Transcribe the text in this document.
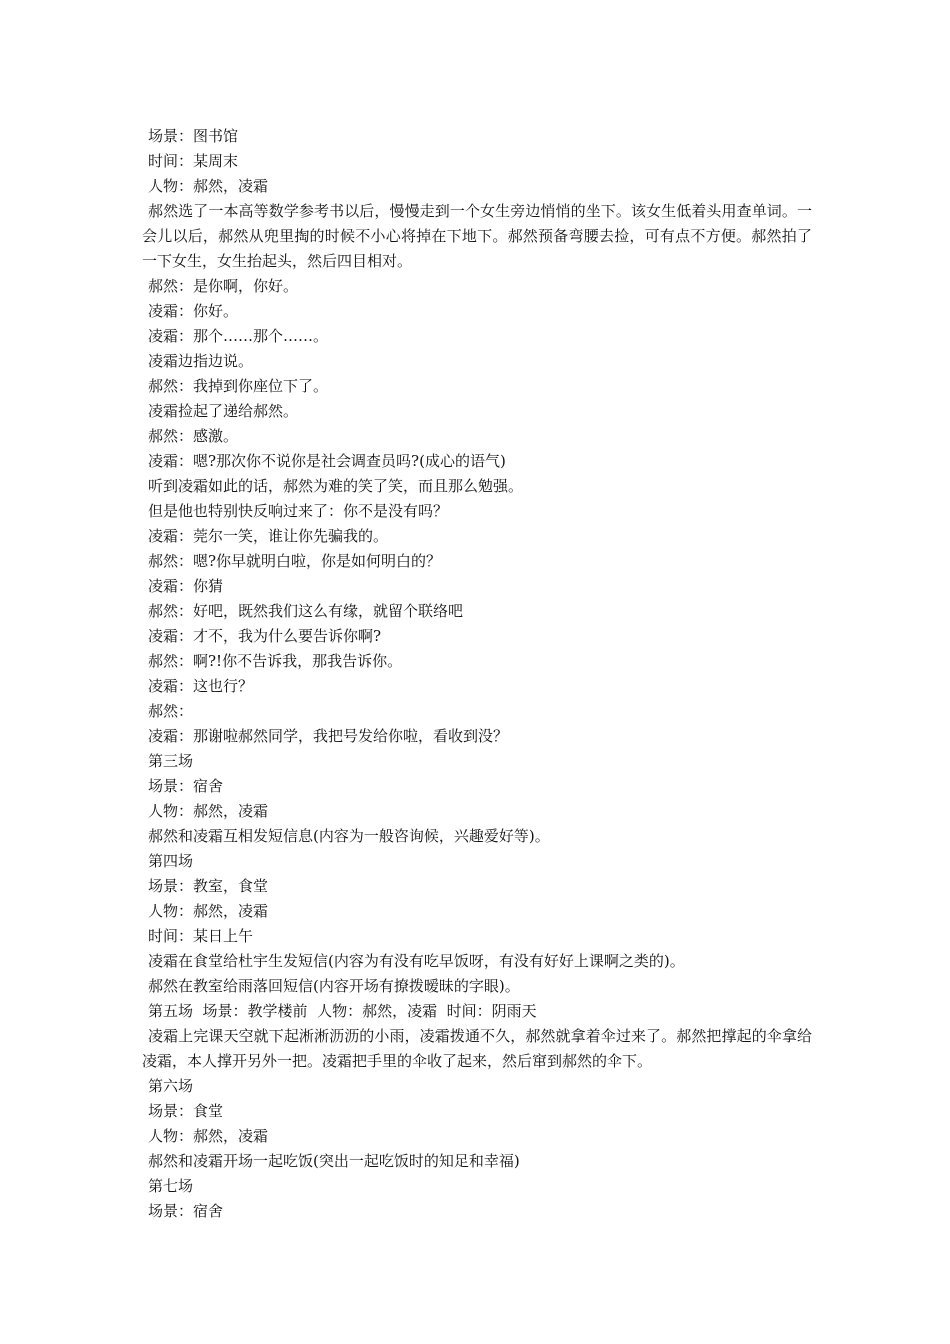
场景：图书馆
时间：某周末
人物：郝然，凌霜
郝然选了一本高等数学参考书以后，慢慢走到一个女生旁边悄悄的坐下。该女生低着头用查单词。一会儿以后，郝然从兜里掏的时候不小心将掉在下地下。郝然预备弯腰去捡，可有点不方便。郝然拍了一下女生，女生抬起头，然后四目相对。
郝然：是你啊，你好。
凌霜：你好。
凌霜：那个……那个……。
凌霜边指边说。
郝然：我掉到你座位下了。
凌霜捡起了递给郝然。
郝然：感激。
凌霜：嗯?那次你不说你是社会调查员吗?(成心的语气)
听到凌霜如此的话，郝然为难的笑了笑，而且那么勉强。
但是他也特别快反响过来了：你不是没有吗？
凌霜：莞尔一笑，谁让你先骗我的。
郝然：嗯?你早就明白啦，你是如何明白的？
凌霜：你猜
郝然：好吧，既然我们这么有缘，就留个联络吧
凌霜：才不，我为什么要告诉你啊?
郝然：啊?!你不告诉我，那我告诉你。
凌霜：这也行？
郝然：
凌霜：那谢啦郝然同学，我把号发给你啦，看收到没？
第三场
场景：宿舍
人物：郝然，凌霜
郝然和凌霜互相发短信息(内容为一般咨询候，兴趣爱好等)。
第四场
场景：教室，食堂
人物：郝然，凌霜
时间：某日上午
凌霜在食堂给杜宇生发短信(内容为有没有吃早饭呀，有没有好好上课啊之类的)。
郝然在教室给雨落回短信(内容开场有撩拨暧昧的字眼)。
第五场  场景：教学楼前  人物：郝然，凌霜  时间：阴雨天
凌霜上完课天空就下起淅淅沥沥的小雨，凌霜拨通不久，郝然就拿着伞过来了。郝然把撑起的伞拿给凌霜，本人撑开另外一把。凌霜把手里的伞收了起来，然后窜到郝然的伞下。
第六场
场景：食堂
人物：郝然，凌霜
郝然和凌霜开场一起吃饭(突出一起吃饭时的知足和幸福)
第七场
场景：宿舍
